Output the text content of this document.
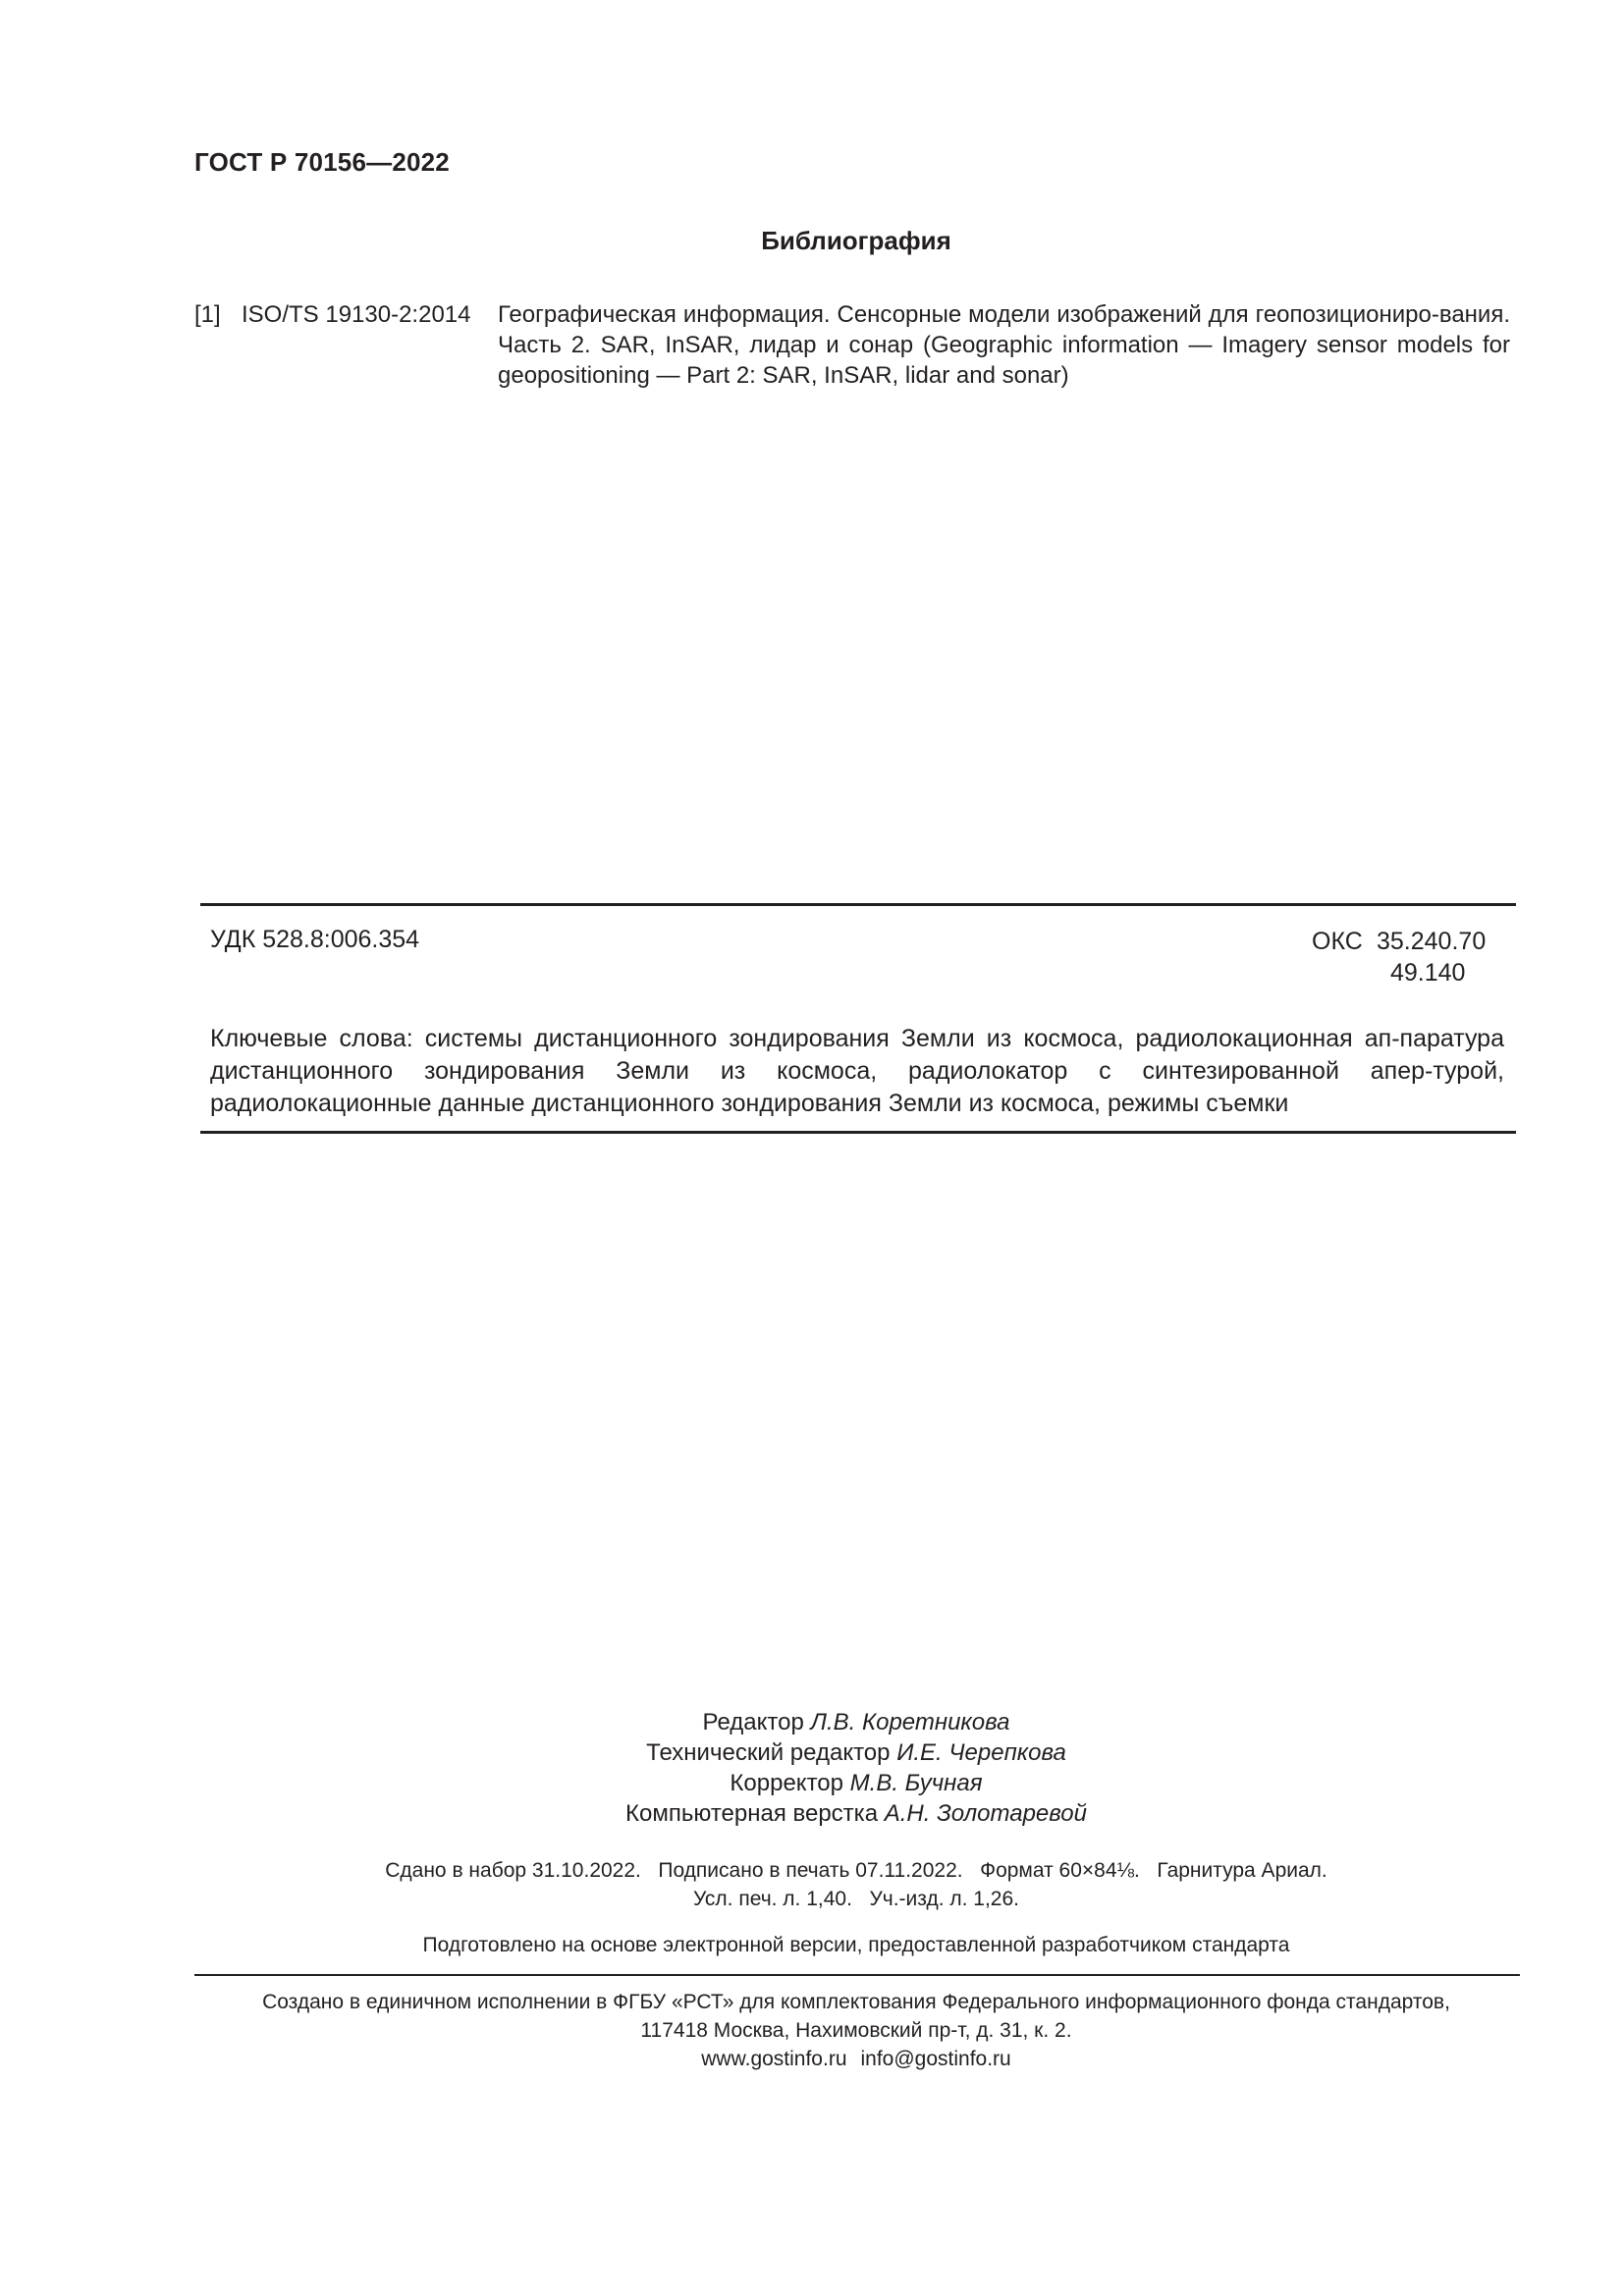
ГОСТ Р 70156—2022
Библиография
[1] ISO/TS 19130-2:2014 Географическая информация. Сенсорные модели изображений для геопозициониро-вания. Часть 2. SAR, InSAR, лидар и сонар (Geographic information — Imagery sensor models for geopositioning — Part 2: SAR, InSAR, lidar and sonar)
УДК 528.8:006.354	ОКС 35.240.70
49.140
Ключевые слова: системы дистанционного зондирования Земли из космоса, радиолокационная ап-паратура дистанционного зондирования Земли из космоса, радиолокатор с синтезированной апер-турой, радиолокационные данные дистанционного зондирования Земли из космоса, режимы съемки
Редактор Л.В. Коретникова
Технический редактор И.Е. Черепкова
Корректор М.В. Бучная
Компьютерная верстка А.Н. Золотаревой
Сдано в набор 31.10.2022.   Подписано в печать 07.11.2022.   Формат 60×84⅛.   Гарнитура Ариал.
Усл. печ. л. 1,40.   Уч.-изд. л. 1,26.
Подготовлено на основе электронной версии, предоставленной разработчиком стандарта
Создано в единичном исполнении в ФГБУ «РСТ» для комплектования Федерального информационного фонда стандартов,
117418 Москва, Нахимовский пр-т, д. 31, к. 2.
www.gostinfo.ru info@gostinfo.ru
